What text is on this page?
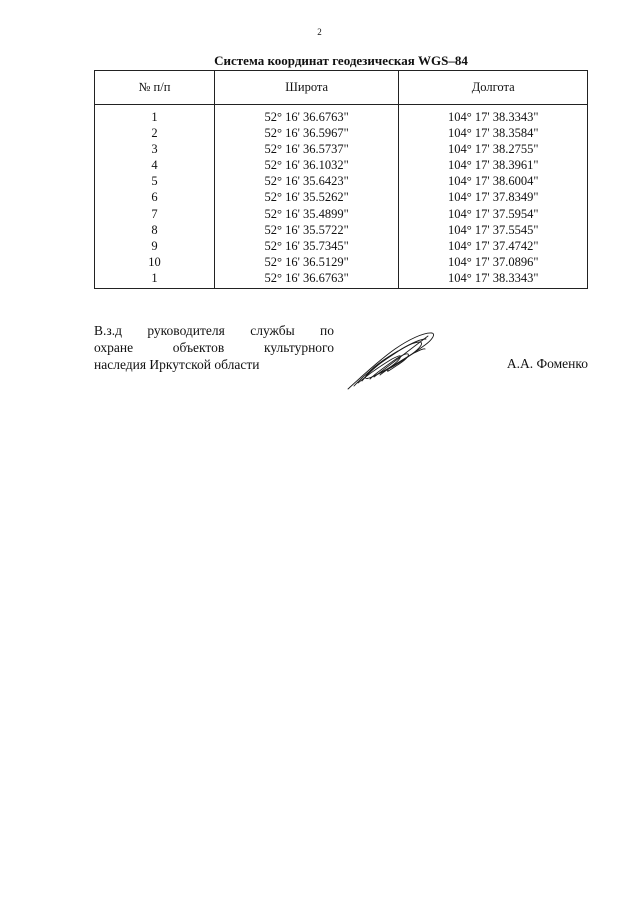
2
Система координат геодезическая WGS–84
№ п/п	Широта	Долгота
1	52° 16' 36.6763"	104° 17' 38.3343"
2	52° 16' 36.5967"	104° 17' 38.3584"
3	52° 16' 36.5737"	104° 17' 38.2755"
4	52° 16' 36.1032"	104° 17' 38.3961"
5	52° 16' 35.6423"	104° 17' 38.6004"
6	52° 16' 35.5262"	104° 17' 37.8349"
7	52° 16' 35.4899"	104° 17' 37.5954"
8	52° 16' 35.5722"	104° 17' 37.5545"
9	52° 16' 35.7345"	104° 17' 37.4742"
10	52° 16' 36.5129"	104° 17' 37.0896"
1	52° 16' 36.6763"	104° 17' 38.3343"
В.з.д руководителя службы по
охране объектов культурного
наследия Иркутской области	А.А. Фоменко
